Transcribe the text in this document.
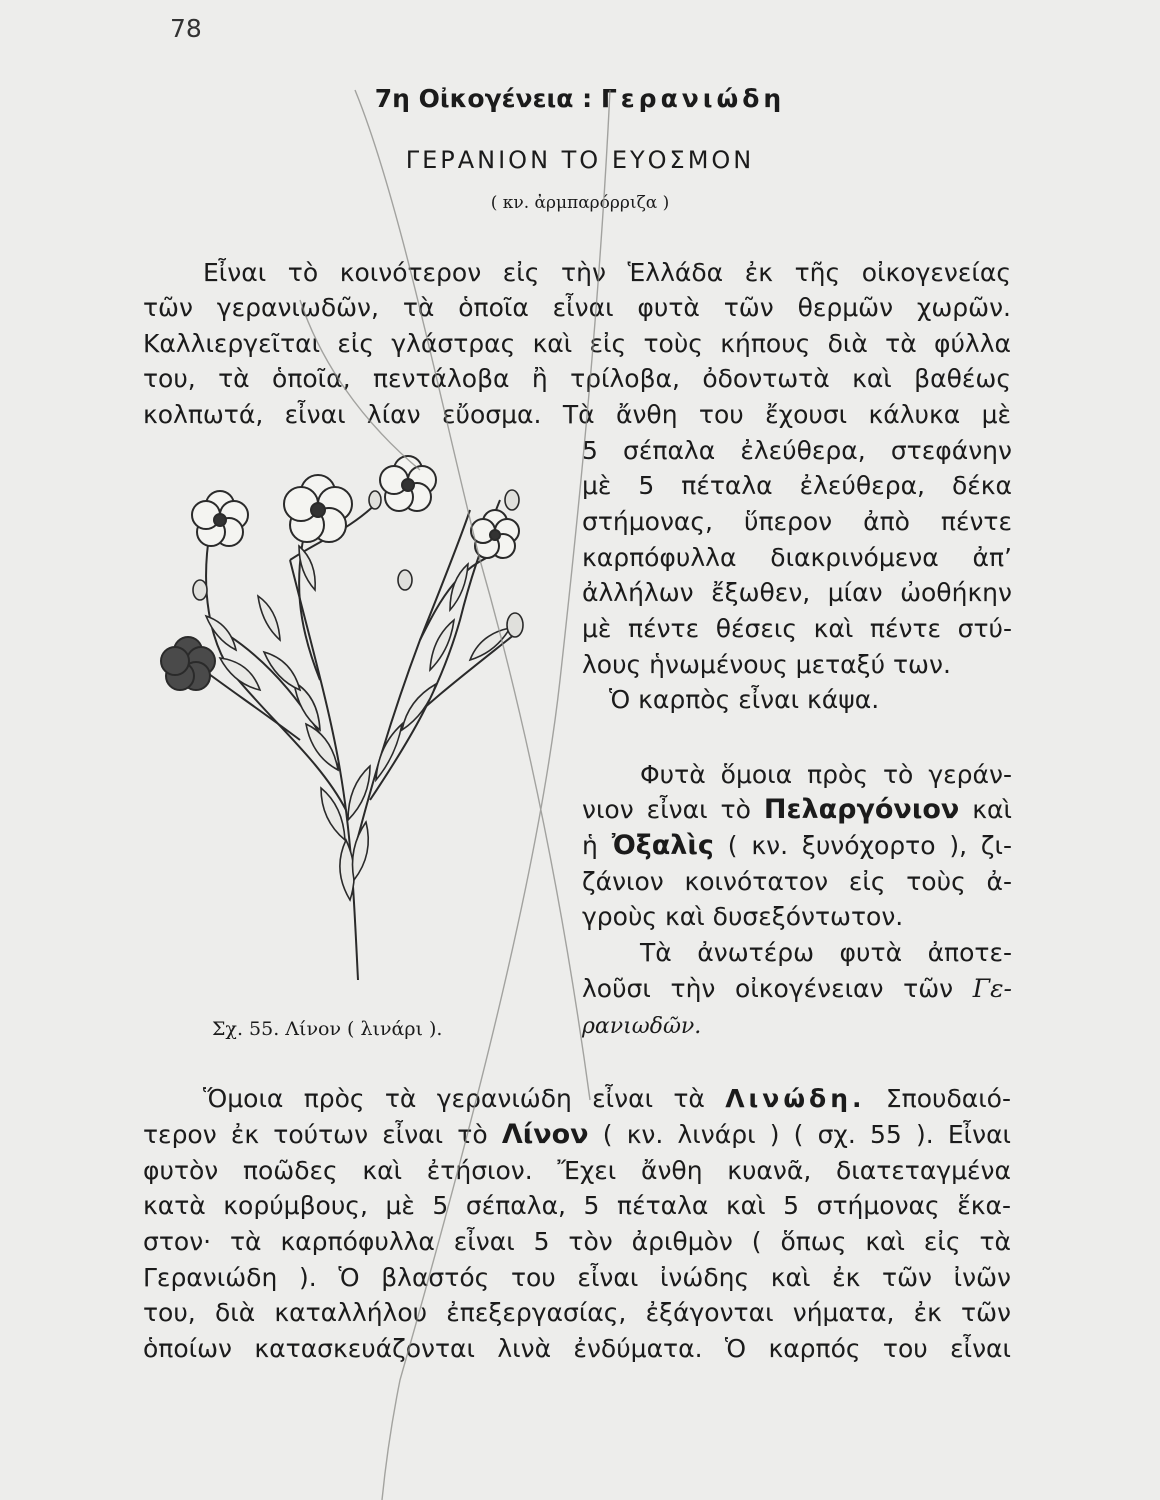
78
7η Οἰκογένεια : Γερανιώδη
ΓΕΡΑΝΙΟΝ ΤΟ ΕΥΟΣΜΟΝ
( κν. ἀρμπαρόρριζα )
Εἶναι τὸ κοινότερον εἰς τὴν Ἑλλάδα ἐκ τῆς οἰκογενείας
τῶν γερανιωδῶν, τὰ ὁποῖα εἶναι φυτὰ τῶν θερμῶν χωρῶν.
Καλλιεργεῖται εἰς γλάστρας καὶ εἰς τοὺς κήπους διὰ τὰ φύλλα
του, τὰ ὁποῖα, πεντάλοβα ἢ τρίλοβα, ὀδοντωτὰ καὶ βαθέως
κολπωτά, εἶναι λίαν εὔοσμα. Τὰ ἄνθη του ἔχουσι κάλυκα μὲ
5 σέπαλα ἐλεύθερα, στεφάνην
μὲ 5 πέταλα ἐλεύθερα, δέκα
στήμονας, ὕπερον ἀπὸ πέντε
καρπόφυλλα διακρινόμενα ἀπ’
ἀλλήλων ἔξωθεν, μίαν ὠοθήκην
μὲ πέντε θέσεις καὶ πέντε στύ-
λους ἡνωμένους μεταξύ των.
Ὁ καρπὸς εἶναι κάψα.
Φυτὰ ὅμοια πρὸς τὸ γεράν-
νιον εἶναι τὸ Πελαργόνιον καὶ
ἡ Ὀξαλὶς ( κν. ξυνόχορτο ), ζι-
ζάνιον κοινότατον εἰς τοὺς ἀ-
γροὺς καὶ δυσεξόντωτον.
Τὰ ἀνωτέρω φυτὰ ἀποτε-
λοῦσι τὴν οἰκογένειαν τῶν Γε-
ρανιωδῶν.
Σχ. 55. Λίνον ( λινάρι ).
Ὅμοια πρὸς τὰ γερανιώδη εἶναι τὰ Λινώδη. Σπουδαιό-
τερον ἐκ τούτων εἶναι τὸ Λίνον ( κν. λινάρι ) ( σχ. 55 ). Εἶναι
φυτὸν ποῶδες καὶ ἐτήσιον. Ἔχει ἄνθη κυανᾶ, διατεταγμένα
κατὰ κορύμβους, μὲ 5 σέπαλα, 5 πέταλα καὶ 5 στήμονας ἕκα-
στον· τὰ καρπόφυλλα εἶναι 5 τὸν ἀριθμὸν ( ὅπως καὶ εἰς τὰ
Γερανιώδη ). Ὁ βλαστός του εἶναι ἰνώδης καὶ ἐκ τῶν ἰνῶν
του, διὰ καταλλήλου ἐπεξεργασίας, ἐξάγονται νήματα, ἐκ τῶν
ὁποίων κατασκευάζονται λινὰ ἐνδύματα. Ὁ καρπός του εἶναι
